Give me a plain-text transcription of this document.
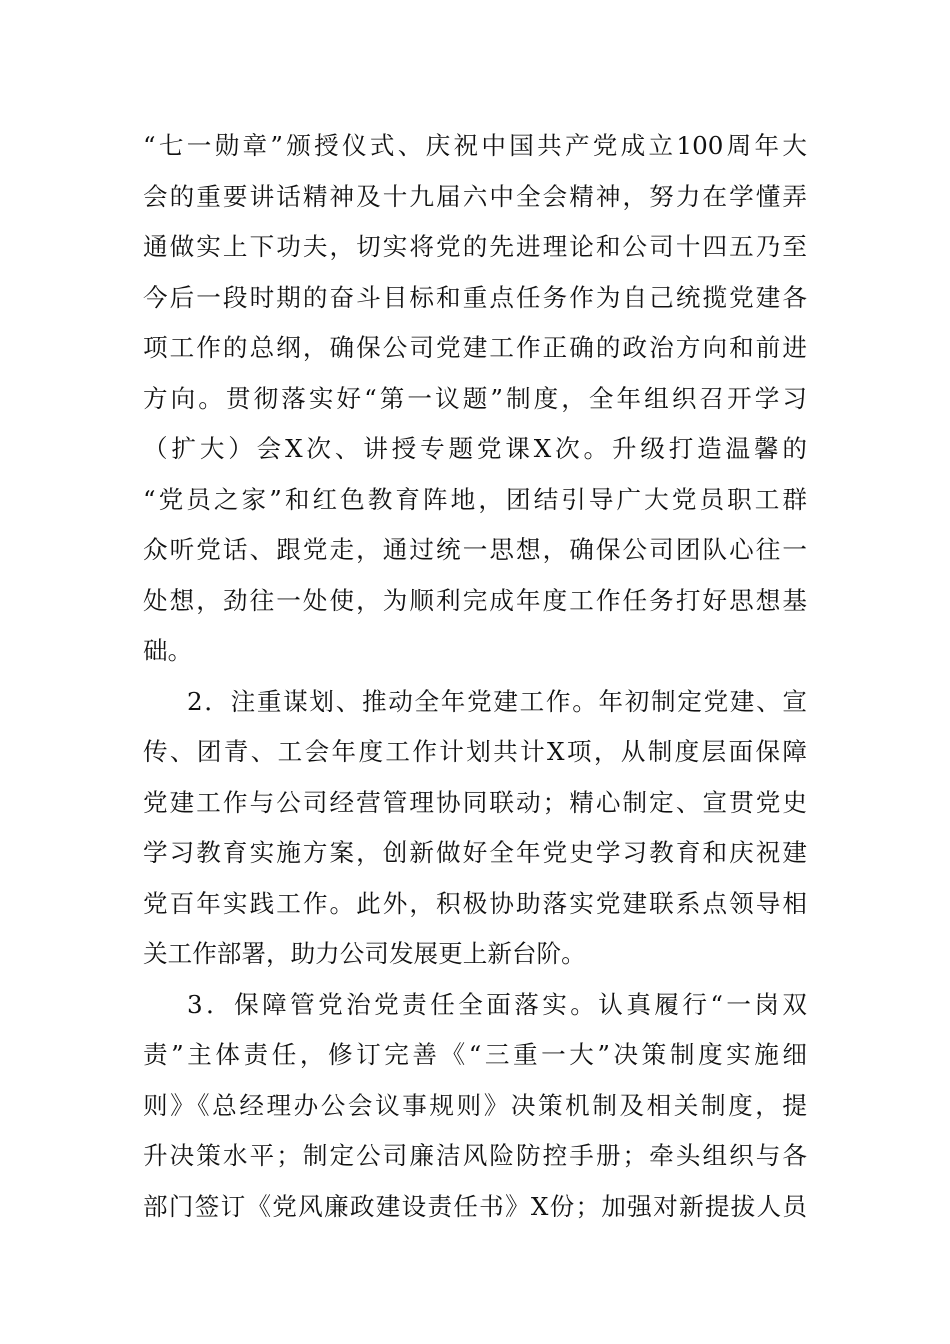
“七一勋章”颁授仪式、庆祝中国共产党成立100周年大
会的重要讲话精神及十九届六中全会精神，努力在学懂弄
通做实上下功夫，切实将党的先进理论和公司十四五乃至
今后一段时期的奋斗目标和重点任务作为自己统揽党建各
项工作的总纲，确保公司党建工作正确的政治方向和前进
方向。贯彻落实好“第一议题”制度，全年组织召开学习
（扩大）会X次、讲授专题党课X次。升级打造温馨的
“党员之家”和红色教育阵地，团结引导广大党员职工群
众听党话、跟党走，通过统一思想，确保公司团队心往一
处想，劲往一处使，为顺利完成年度工作任务打好思想基
础。
2．注重谋划、推动全年党建工作。年初制定党建、宣
传、团青、工会年度工作计划共计X项，从制度层面保障
党建工作与公司经营管理协同联动；精心制定、宣贯党史
学习教育实施方案，创新做好全年党史学习教育和庆祝建
党百年实践工作。此外，积极协助落实党建联系点领导相
关工作部署，助力公司发展更上新台阶。
3．保障管党治党责任全面落实。认真履行“一岗双
责”主体责任，修订完善《“三重一大”决策制度实施细
则》《总经理办公会议事规则》决策机制及相关制度，提
升决策水平；制定公司廉洁风险防控手册；牵头组织与各
部门签订《党风廉政建设责任书》X份；加强对新提拔人员
